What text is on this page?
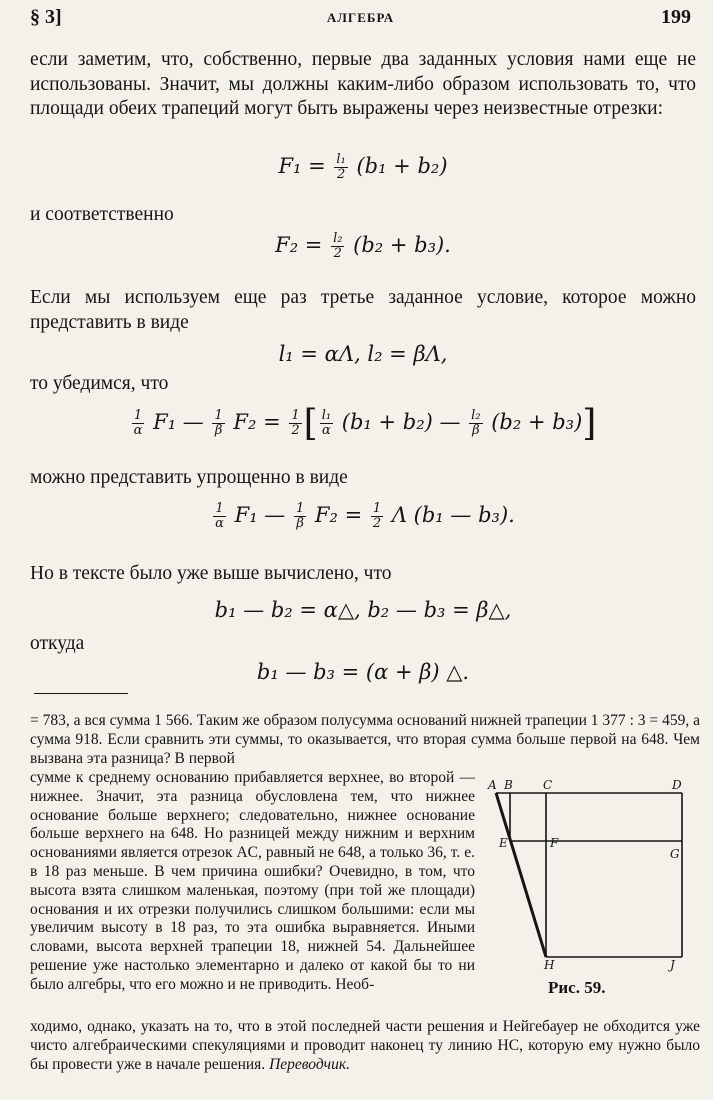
§ 3]	АЛГЕБРА	199
если заметим, что, собственно, первые два заданных условия нами еще не использованы. Значит, мы должны каким-либо образом использовать то, что площади обеих трапеций могут быть выражены через неизвестные отрезки:
$F_1 = \frac{\text{l₁}}{2} (b_1 + b_2)$
и соответственно
$F_2 = \frac{\text{l₂}}{2} (b_2 + b_3)$.
Если мы используем еще раз третье заданное условие, которое можно представить в виде
l₁ = αΛ, l₂ = βΛ,
то убедимся, что
$\frac{1}{\alpha} F_1$ — $\frac{1}{\beta} F_2 = \frac{1}{2}$ [ $\frac{\text{l₁}}{\alpha} (b_1 + b_2)$ — $\frac{\text{l₂}}{\beta} (b_2 + b_3)$]
можно представить упрощенно в виде
$\frac{1}{\alpha} F_1$ — $\frac{1}{\beta} F_2 = \frac{1}{2}$ Λ (b₁ — b₃).
Но в тексте было уже выше вычислено, что
b₁ — b₂ = α△, b₂ — b₃ = β△,
откуда
b₁ — b₃ = (α + β) △.
= 783, а вся сумма 1 566. Таким же образом полусумма оснований нижней трапеции 1 377 : 3 = 459, а сумма 918. Если сравнить эти суммы, то оказывается, что вторая сумма больше первой на 648. Чем вызвана эта разница? В первой
сумме к среднему основанию прибавляется верхнее, во второй — нижнее. Значит, эта разница обусловлена тем, что нижнее основание больше верхнего; следовательно, нижнее основание больше верхнего на 648. Но разницей между нижним и верхним основаниями является отрезок AC, равный не 648, а только 36, т. е. в 18 раз меньше. В чем причина ошибки? Очевидно, в том, что высота взята слишком маленькая, поэтому (при той же площади) основания и их отрезки получились слишком большими: если мы увеличим высоту в 18 раз, то эта ошибка выравняется. Иными словами, высота верхней трапеции 18, нижней 54. Дальнейшее решение уже настолько элементарно и далеко от какой бы то ни было алгебры, что его можно и не приводить. Необ-
A B	C	D
E	F
G
H	J
Рис. 59.
ходимо, однако, указать на то, что в этой последней части решения и Нейгебауер не обходится уже чисто алгебраическими спекуляциями и проводит наконец ту линию HC, которую ему нужно было бы провести уже в начале решения. Переводчик.
